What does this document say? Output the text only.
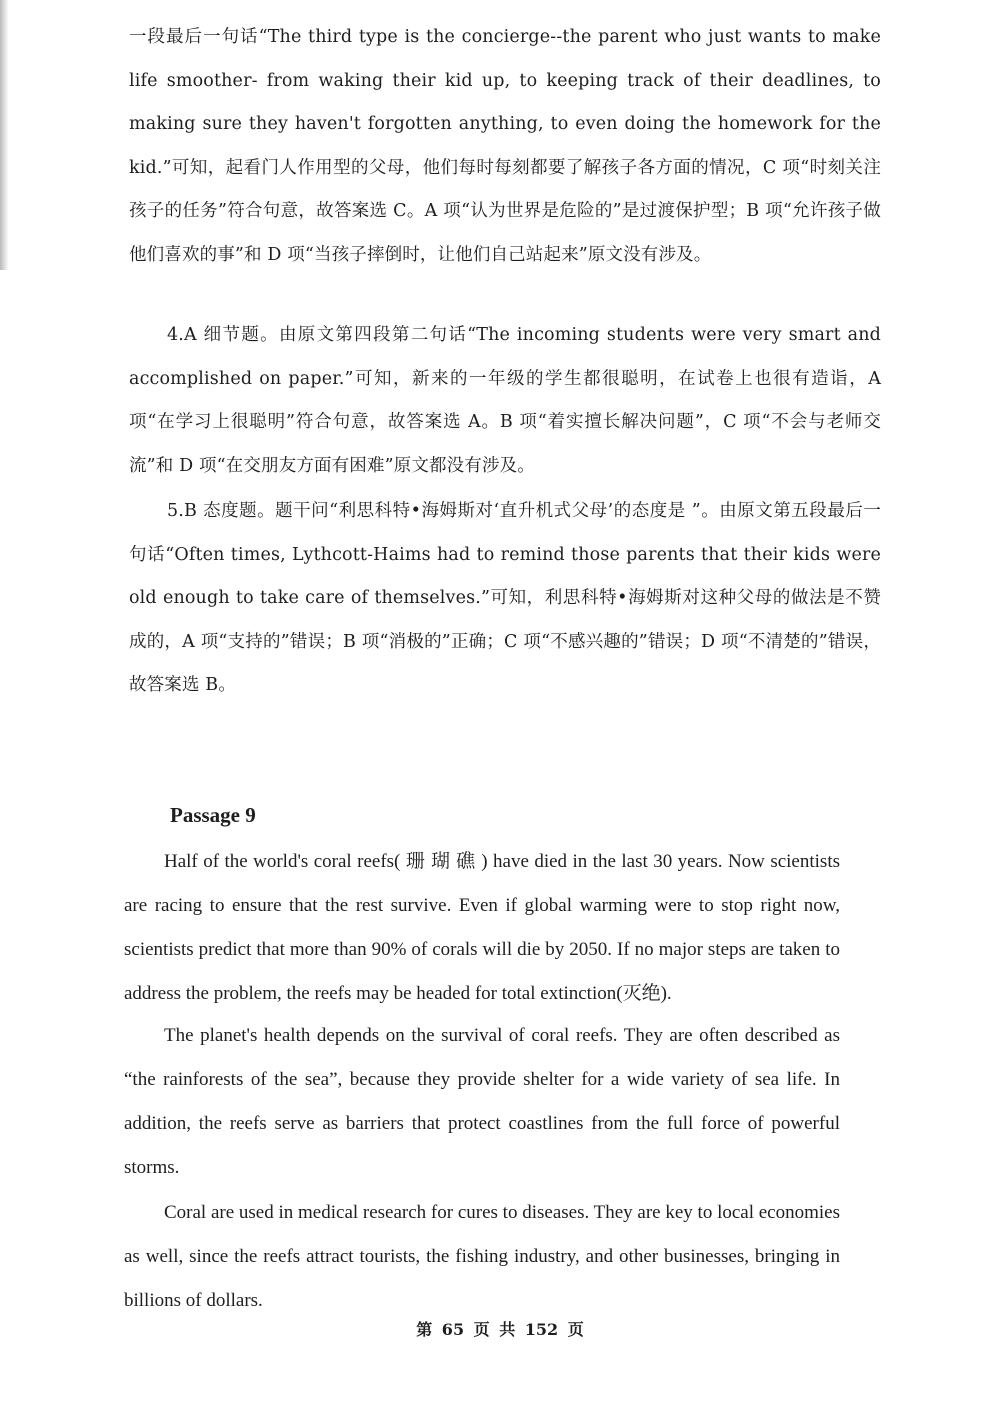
一段最后一句话“The third type is the concierge--the parent who just wants to make life smoother- from waking their kid up, to keeping track of their deadlines, to making sure they haven't forgotten anything, to even doing the homework for the kid.”可知，起看门人作用型的父母，他们每时每刻都要了解孩子各方面的情况，C 项“时刻关注孩子的任务”符合句意，故答案选 C。A 项“认为世界是危险的”是过渡保护型；B 项“允许孩子做他们喜欢的事”和 D 项“当孩子摔倒时，让他们自己站起来”原文没有涉及。

4.A 细节题。由原文第四段第二句话“The incoming students were very smart and accomplished on paper.”可知，新来的一年级的学生都很聪明，在试卷上也很有造诣，A 项“在学习上很聪明”符合句意，故答案选 A。B 项“着实擅长解决问题”，C 项“不会与老师交流”和 D 项“在交朋友方面有困难”原文都没有涉及。

5.B 态度题。题干问“利思科特•海姆斯对‘直升机式父母’的态度是 ”。由原文第五段最后一句话“Often times, Lythcott-Haims had to remind those parents that their kids were old enough to take care of themselves.”可知，利思科特•海姆斯对这种父母的做法是不赞成的，A 项“支持的”错误；B 项“消极的”正确；C 项“不感兴趣的”错误；D 项“不清楚的”错误，故答案选 B。

Passage 9

Half of the world's coral reefs( 珊 瑚 礁 ) have died in the last 30 years. Now scientists are racing to ensure that the rest survive. Even if global warming were to stop right now, scientists predict that more than 90% of corals will die by 2050. If no major steps are taken to address the problem, the reefs may be headed for total extinction(灭绝).

The planet's health depends on the survival of coral reefs. They are often described as “the rainforests of the sea”, because they provide shelter for a wide variety of sea life. In addition, the reefs serve as barriers that protect coastlines from the full force of powerful storms.

Coral are used in medical research for cures to diseases. They are key to local economies as well, since the reefs attract tourists, the fishing industry, and other businesses, bringing in billions of dollars.

第 65 页 共 152 页
